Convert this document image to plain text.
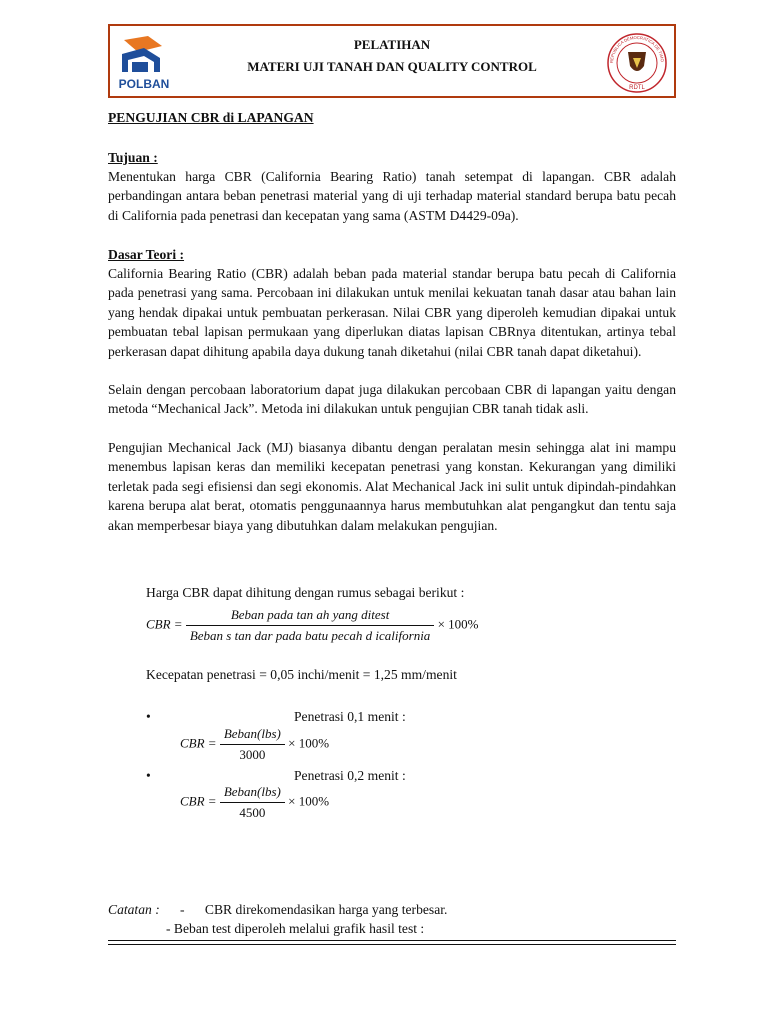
POLBAN
PELATIHAN
MATERI UJI TANAH DAN QUALITY CONTROL	REPUBLICA DEMOCRATICA DE TIMO
RDTL
PENGUJIAN CBR di LAPANGAN
Tujuan :
Menentukan harga CBR (California Bearing Ratio) tanah setempat di lapangan. CBR adalah perbandingan antara beban penetrasi material yang di uji terhadap material standard berupa batu pecah di California pada penetrasi dan kecepatan yang sama (ASTM D4429-09a).
Dasar Teori :
California Bearing Ratio (CBR) adalah beban pada material standar berupa batu pecah di California pada penetrasi yang sama. Percobaan ini dilakukan untuk menilai kekuatan tanah dasar atau bahan lain yang hendak dipakai untuk pembuatan perkerasan. Nilai CBR yang diperoleh kemudian dipakai untuk pembuatan tebal lapisan permukaan yang diperlukan diatas lapisan CBRnya ditentukan, artinya tebal perkerasan dapat dihitung apabila daya dukung tanah diketahui (nilai CBR tanah dapat diketahui).
Selain dengan percobaan laboratorium dapat juga dilakukan percobaan CBR di lapangan yaitu dengan metoda “Mechanical Jack”. Metoda ini dilakukan untuk pengujian CBR tanah tidak asli.
Pengujian Mechanical Jack (MJ) biasanya dibantu dengan peralatan mesin sehingga alat ini mampu menembus lapisan keras dan memiliki kecepatan penetrasi yang konstan. Kekurangan yang dimiliki terletak pada segi efisiensi dan segi ekonomis. Alat Mechanical Jack ini sulit untuk dipindah-pindahkan karena berupa alat berat, otomatis penggunaannya harus membutuhkan alat pengangkut dan tentu saja akan memperbesar biaya yang dibutuhkan dalam melakukan pengujian.
Harga CBR dapat dihitung dengan rumus sebagai berikut :
CBR = $\frac{\text{Beban pada tan ah yang ditest}}{\text{Beban s tan dar pada batu pecah d icalifornia}} \times 100\%$
Kecepatan penetrasi = 0,05 inchi/menit = 1,25 mm/menit
•	Penetrasi 0,1 menit :
CBR = $\frac{\text{Beban(lbs)}}{3000} \times 100\%$
•	Penetrasi 0,2 menit :
CBR = $\frac{\text{Beban(lbs)}}{4500} \times 100\%$
Catatan :	-      CBR direkomendasikan harga yang terbesar.
- Beban test diperoleh melalui grafik hasil test :
